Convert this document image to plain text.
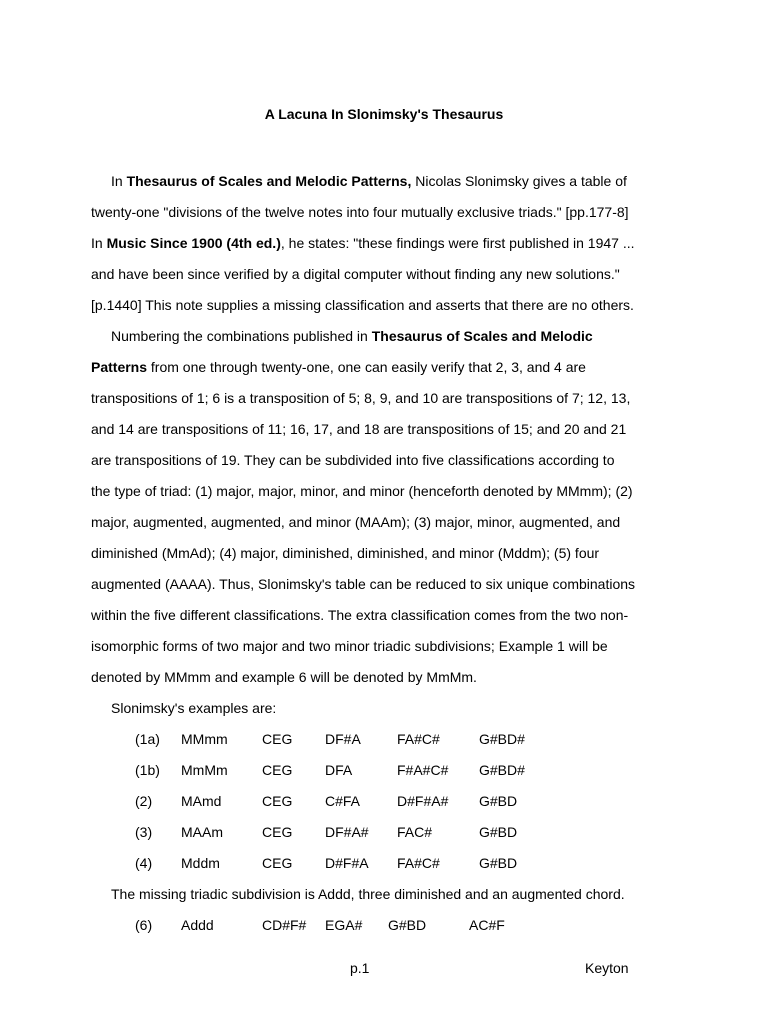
A Lacuna In Slonimsky's Thesaurus
In Thesaurus of Scales and Melodic Patterns, Nicolas Slonimsky gives a table of
twenty-one "divisions of the twelve notes into four mutually exclusive triads." [pp.177-8]
In Music Since 1900 (4th ed.), he states: "these findings were first published in 1947 ...
and have been since verified by a digital computer without finding any new solutions."
[p.1440] This note supplies a missing classification and asserts that there are no others.
Numbering the combinations published in Thesaurus of Scales and Melodic
Patterns from one through twenty-one, one can easily verify that 2, 3, and 4 are
transpositions of 1; 6 is a transposition of 5; 8, 9, and 10 are transpositions of 7; 12, 13,
and 14 are transpositions of 11; 16, 17, and 18 are transpositions of 15; and 20 and 21
are transpositions of 19. They can be subdivided into five classifications according to
the type of triad: (1) major, major, minor, and minor (henceforth denoted by MMmm); (2)
major, augmented, augmented, and minor (MAAm); (3) major, minor, augmented, and
diminished (MmAd); (4) major, diminished, diminished, and minor (Mddm); (5) four
augmented (AAAA). Thus, Slonimsky's table can be reduced to six unique combinations
within the five different classifications. The extra classification comes from the two non-
isomorphic forms of two major and two minor triadic subdivisions; Example 1 will be
denoted by MMmm and example 6 will be denoted by MmMm.
Slonimsky's examples are:
(1a) MMmm CEG DF#A	FA#C#	G#BD#
(1b) MmMm CEG DFA	F#A#C# G#BD#
(2) MAmd	CEG C#FA	D#F#A# G#BD
(3) MAAm	CEG DF#A# FAC#	G#BD
(4) Mddm	CEG D#F#A FA#C#	G#BD
The missing triadic subdivision is Addd, three diminished and an augmented chord.
(6) Addd	CD#F# EGA# G#BD	AC#F
p.1	Keyton
